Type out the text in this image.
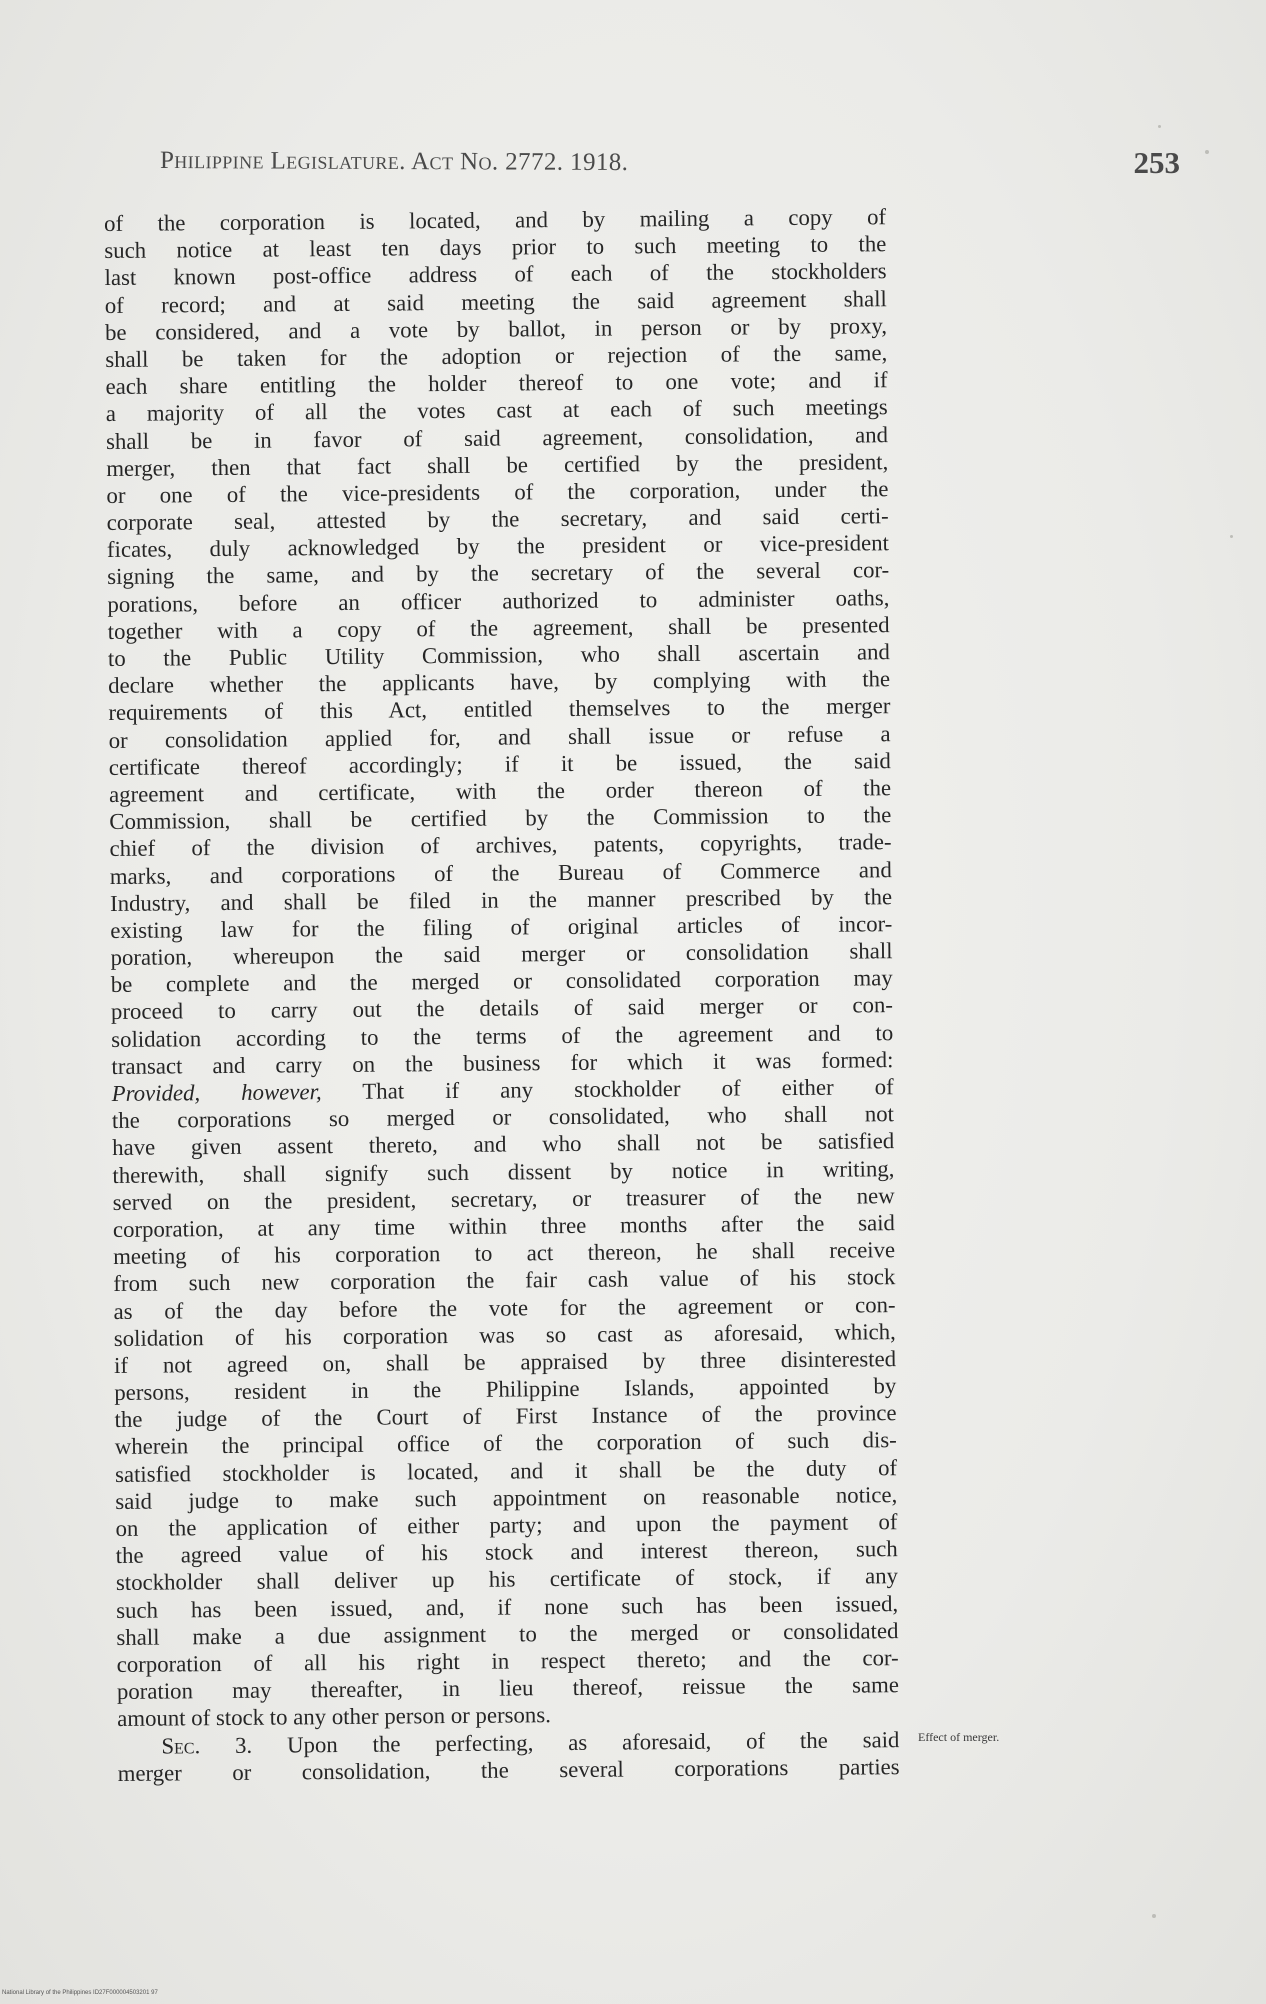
Philippine Legislature. Act No. 2772. 1918.	253
of the corporation is located, and by mailing a copy of
such notice at least ten days prior to such meeting to the
last known post-office address of each of the stockholders
of record; and at said meeting the said agreement shall
be considered, and a vote by ballot, in person or by proxy,
shall be taken for the adoption or rejection of the same,
each share entitling the holder thereof to one vote; and if
a majority of all the votes cast at each of such meetings
shall be in favor of said agreement, consolidation, and
merger, then that fact shall be certified by the president,
or one of the vice-presidents of the corporation, under the
corporate seal, attested by the secretary, and said certi-
ficates, duly acknowledged by the president or vice-president
signing the same, and by the secretary of the several cor-
porations, before an officer authorized to administer oaths,
together with a copy of the agreement, shall be presented
to the Public Utility Commission, who shall ascertain and
declare whether the applicants have, by complying with the
requirements of this Act, entitled themselves to the merger
or consolidation applied for, and shall issue or refuse a
certificate thereof accordingly; if it be issued, the said
agreement and certificate, with the order thereon of the
Commission, shall be certified by the Commission to the
chief of the division of archives, patents, copyrights, trade-
marks, and corporations of the Bureau of Commerce and
Industry, and shall be filed in the manner prescribed by the
existing law for the filing of original articles of incor-
poration, whereupon the said merger or consolidation shall
be complete and the merged or consolidated corporation may
proceed to carry out the details of said merger or con-
solidation according to the terms of the agreement and to
transact and carry on the business for which it was formed:
Provided, however, That if any stockholder of either of
the corporations so merged or consolidated, who shall not
have given assent thereto, and who shall not be satisfied
therewith, shall signify such dissent by notice in writing,
served on the president, secretary, or treasurer of the new
corporation, at any time within three months after the said
meeting of his corporation to act thereon, he shall receive
from such new corporation the fair cash value of his stock
as of the day before the vote for the agreement or con-
solidation of his corporation was so cast as aforesaid, which,
if not agreed on, shall be appraised by three disinterested
persons, resident in the Philippine Islands, appointed by
the judge of the Court of First Instance of the province
wherein the principal office of the corporation of such dis-
satisfied stockholder is located, and it shall be the duty of
said judge to make such appointment on reasonable notice,
on the application of either party; and upon the payment of
the agreed value of his stock and interest thereon, such
stockholder shall deliver up his certificate of stock, if any
such has been issued, and, if none such has been issued,
shall make a due assignment to the merged or consolidated
corporation of all his right in respect thereto; and the cor-
poration may thereafter, in lieu thereof, reissue the same
amount of stock to any other person or persons.
Sec. 3. Upon the perfecting, as aforesaid, of the said
merger or consolidation, the several corporations parties
Effect of merger.
National Library of the Philippines ID27F000004503201 97
